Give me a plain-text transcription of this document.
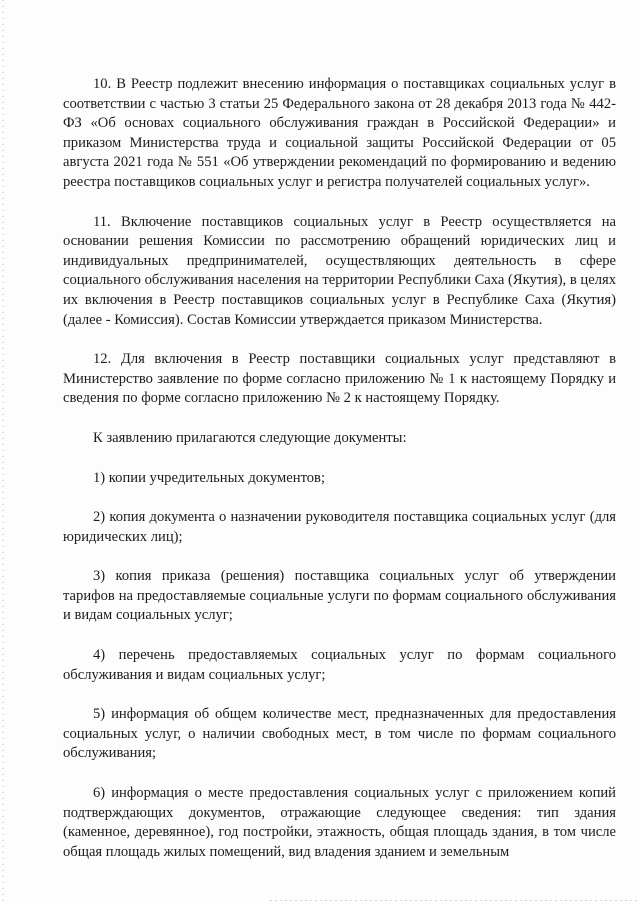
10. В Реестр подлежит внесению информация о поставщиках социальных услуг в соответствии с частью 3 статьи 25 Федерального закона от 28 декабря 2013 года № 442-ФЗ «Об основах социального обслуживания граждан в Российской Федерации» и приказом Министерства труда и социальной защиты Российской Федерации от 05 августа 2021 года № 551 «Об утверждении рекомендаций по формированию и ведению реестра поставщиков социальных услуг и регистра получателей социальных услуг».

11. Включение поставщиков социальных услуг в Реестр осуществляется на основании решения Комиссии по рассмотрению обращений юридических лиц и индивидуальных предпринимателей, осуществляющих деятельность в сфере социального обслуживания населения на территории Республики Саха (Якутия), в целях их включения в Реестр поставщиков социальных услуг в Республике Саха (Якутия) (далее - Комиссия). Состав Комиссии утверждается приказом Министерства.

12. Для включения в Реестр поставщики социальных услуг представляют в Министерство заявление по форме согласно приложению № 1 к настоящему Порядку и сведения по форме согласно приложению № 2 к настоящему Порядку.

К заявлению прилагаются следующие документы:

1) копии учредительных документов;

2) копия документа о назначении руководителя поставщика социальных услуг (для юридических лиц);

3) копия приказа (решения) поставщика социальных услуг об утверждении тарифов на предоставляемые социальные услуги по формам социального обслуживания и видам социальных услуг;

4) перечень предоставляемых социальных услуг по формам социального обслуживания и видам социальных услуг;

5) информация об общем количестве мест, предназначенных для предоставления социальных услуг, о наличии свободных мест, в том числе по формам социального обслуживания;

6) информация о месте предоставления социальных услуг с приложением копий подтверждающих документов, отражающие следующее сведения: тип здания (каменное, деревянное), год постройки, этажность, общая площадь здания, в том числе общая площадь жилых помещений, вид владения зданием и земельным
